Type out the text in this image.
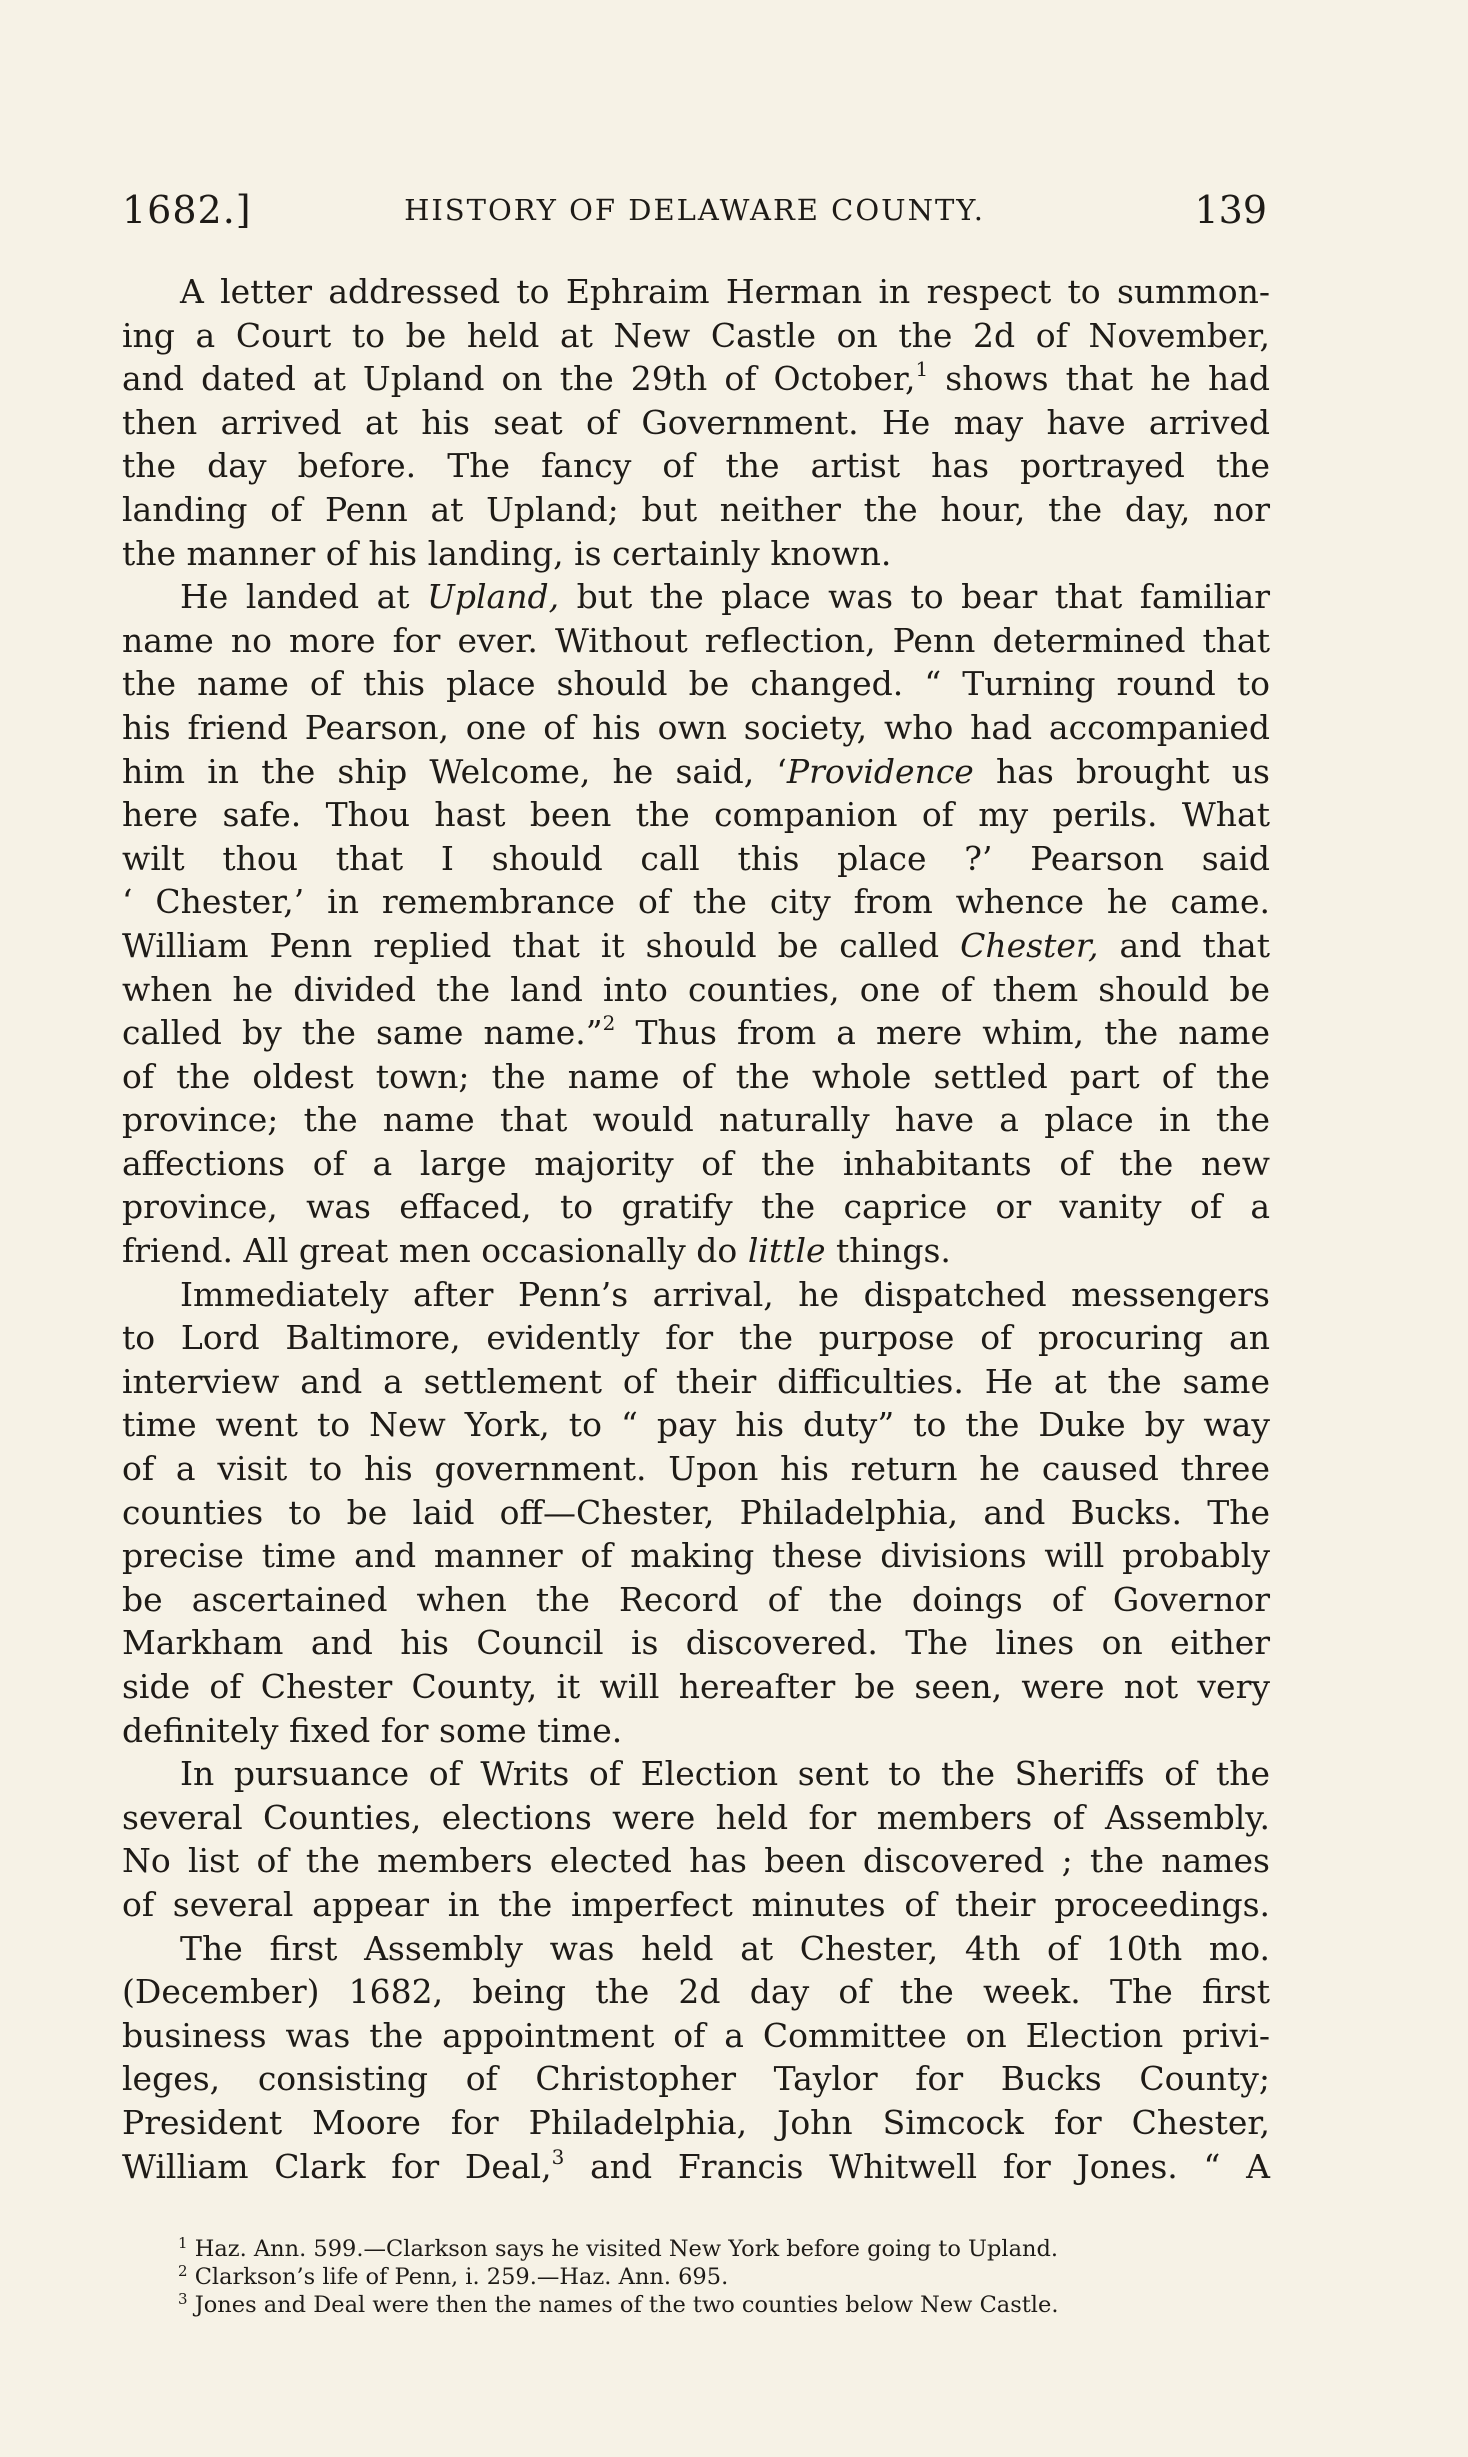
1682.]	HISTORY OF DELAWARE COUNTY.	139
A letter addressed to Ephraim Herman in respect to summon-
ing a Court to be held at New Castle on the 2d of November,
and dated at Upland on the 29th of October,$^1$ shows that he had
then arrived at his seat of Government. He may have arrived
the day before. The fancy of the artist has portrayed the
landing of Penn at Upland; but neither the hour, the day, nor
the manner of his landing, is certainly known.
He landed at Upland, but the place was to bear that familiar
name no more for ever. Without reflection, Penn determined that
the name of this place should be changed. “ Turning round to
his friend Pearson, one of his own society, who had accompanied
him in the ship Welcome, he said, ‘Providence has brought us
here safe. Thou hast been the companion of my perils. What
wilt thou that I should call this place ?’ Pearson said
‘ Chester,’ in remembrance of the city from whence he came.
William Penn replied that it should be called Chester, and that
when he divided the land into counties, one of them should be
called by the same name.”$^2$ Thus from a mere whim, the name
of the oldest town; the name of the whole settled part of the
province; the name that would naturally have a place in the
affections of a large majority of the inhabitants of the new
province, was effaced, to gratify the caprice or vanity of a
friend. All great men occasionally do little things.
Immediately after Penn’s arrival, he dispatched messengers
to Lord Baltimore, evidently for the purpose of procuring an
interview and a settlement of their difficulties. He at the same
time went to New York, to “ pay his duty” to the Duke by way
of a visit to his government. Upon his return he caused three
counties to be laid off—Chester, Philadelphia, and Bucks. The
precise time and manner of making these divisions will probably
be ascertained when the Record of the doings of Governor
Markham and his Council is discovered. The lines on either
side of Chester County, it will hereafter be seen, were not very
definitely fixed for some time.
In pursuance of Writs of Election sent to the Sheriffs of the
several Counties, elections were held for members of Assembly.
No list of the members elected has been discovered ; the names
of several appear in the imperfect minutes of their proceedings.
The first Assembly was held at Chester, 4th of 10th mo.
(December) 1682, being the 2d day of the week. The first
business was the appointment of a Committee on Election privi-
leges, consisting of Christopher Taylor for Bucks County;
President Moore for Philadelphia, John Simcock for Chester,
William Clark for Deal,$^3$ and Francis Whitwell for Jones. “ A
$^1$ Haz. Ann. 599.—Clarkson says he visited New York before going to Upland.
$^2$ Clarkson’s life of Penn, i. 259.—Haz. Ann. 695.
$^3$ Jones and Deal were then the names of the two counties below New Castle.
